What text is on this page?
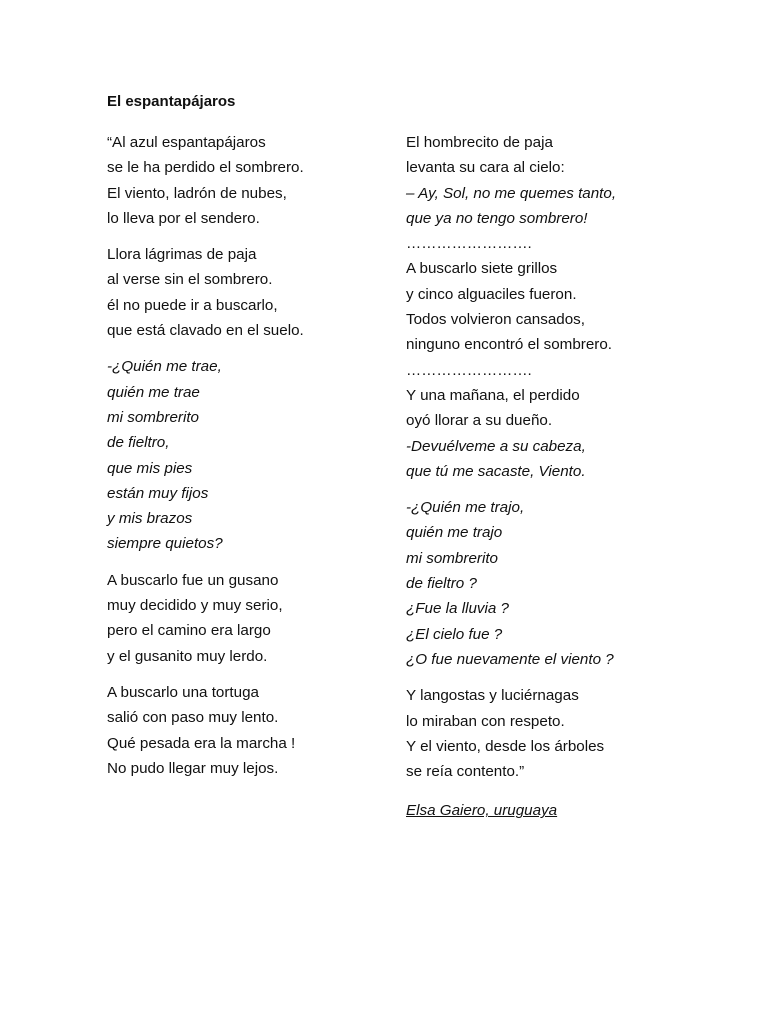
El espantapájaros
“Al azul espantapájaros
se le ha perdido el sombrero.
El viento, ladrón de nubes,
lo lleva por el sendero.
Llora lágrimas de paja
al verse sin el sombrero.
él no puede ir a buscarlo,
que está clavado en el suelo.
-¿Quién me trae,
quién me trae
mi sombrerito
de fieltro,
que mis pies
están muy fijos
y mis brazos
siempre quietos?
A buscarlo fue un gusano
muy decidido y muy serio,
pero el camino era largo
y el gusanito muy lerdo.
A buscarlo una tortuga
salió con paso muy lento.
Qué pesada era la marcha !
No pudo llegar muy lejos.
El hombrecito de paja
levanta su cara al cielo:
– Ay, Sol, no me quemes tanto,
que ya no tengo sombrero!
…………………….
A buscarlo siete grillos
y cinco alguaciles fueron.
Todos volvieron cansados,
ninguno encontró el sombrero.
…………………….
Y una mañana, el perdido
oyó llorar a su dueño.
-Devuélveme a su cabeza,
que tú me sacaste, Viento.
-¿Quién me trajo,
quién me trajo
mi sombrerito
de fieltro ?
¿Fue la lluvia ?
¿El cielo fue ?
¿O fue nuevamente el viento ?
Y langostas y luciérnagas
lo miraban con respeto.
Y el viento, desde los árboles
se reía contento.”
Elsa Gaiero, uruguaya
